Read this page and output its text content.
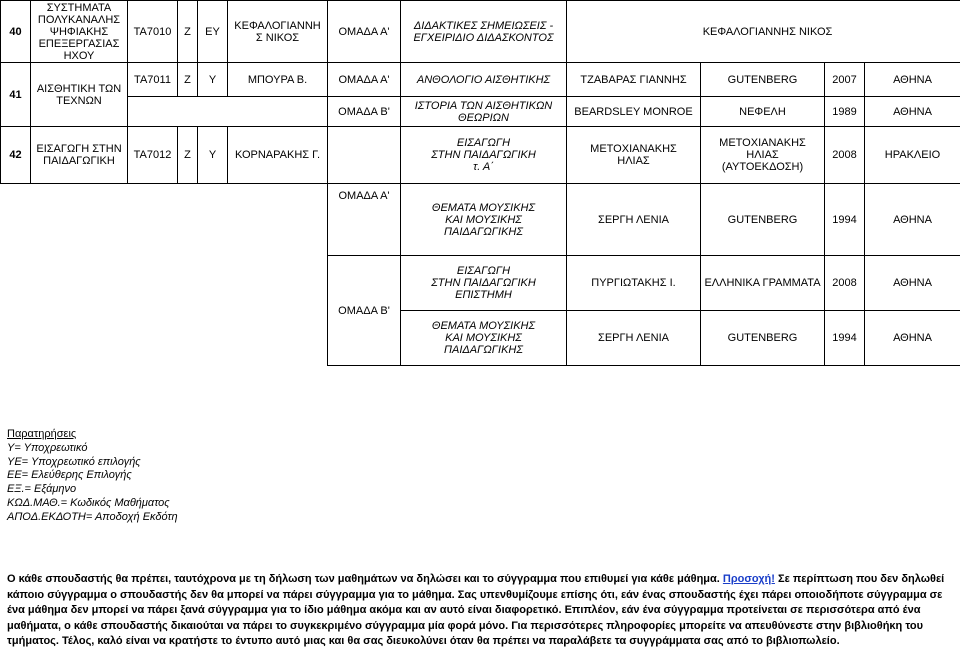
40	ΣΥΣΤΗΜΑΤΑ
ΠΟΛΥΚΑΝΑΛΗΣ
ΨΗΦΙΑΚΗΣ
ΕΠΕΞΕΡΓΑΣΙΑΣ
ΗΧΟΥ	ΤΑ7010	Ζ	ΕΥ	ΚΕΦΑΛΟΓΙΑΝΝΗ
Σ ΝΙΚΟΣ	ΟΜΑΔΑ Α'	ΔΙΔΑΚΤΙΚΕΣ ΣΗΜΕΙΩΣΕΙΣ -
ΕΓΧΕΙΡΙΔΙΟ ΔΙΔΑΣΚΟΝΤΟΣ	ΚΕΦΑΛΟΓΙΑΝΝΗΣ ΝΙΚΟΣ			
41	ΑΙΣΘΗΤΙΚΗ ΤΩΝ
ΤΕΧΝΩΝ	ΤΑ7011	Ζ	Υ	ΜΠΟΥΡΑ Β.	ΟΜΑΔΑ Α'	ΑΝΘΟΛΟΓΙΟ ΑΙΣΘΗΤΙΚΗΣ	ΤΖΑΒΑΡΑΣ ΓΙΑΝΝΗΣ	GUTENBERG	2007	ΑΘΗΝΑ
						ΟΜΑΔΑ Β'	ΙΣΤΟΡΙΑ ΤΩΝ ΑΙΣΘΗΤΙΚΩΝ
ΘΕΩΡΙΩΝ	BEARDSLEY MONROE	ΝΕΦΕΛΗ	1989	ΑΘΗΝΑ
42	ΕΙΣΑΓΩΓΗ ΣΤΗΝ
ΠΑΙΔΑΓΩΓΙΚΗ	ΤΑ7012	Ζ	Υ	ΚΟΡΝΑΡΑΚΗΣ Γ.		ΕΙΣΑΓΩΓΗ
ΣΤΗΝ ΠΑΙΔΑΓΩΓΙΚΗ
τ. Α΄	ΜΕΤΟΧΙΑΝΑΚΗΣ
ΗΛΙΑΣ	ΜΕΤΟΧΙΑΝΑΚΗΣ ΗΛΙΑΣ
(ΑΥΤΟΕΚΔΟΣΗ)	2008	ΗΡΑΚΛΕΙΟ
						ΟΜΑΔΑ Α'	ΘΕΜΑΤΑ ΜΟΥΣΙΚΗΣ
ΚΑΙ ΜΟΥΣΙΚΗΣ
ΠΑΙΔΑΓΩΓΙΚΗΣ	ΣΕΡΓΗ ΛΕΝΙΑ	GUTENBERG	1994	ΑΘΗΝΑ
						ΟΜΑΔΑ Β'	ΕΙΣΑΓΩΓΗ
ΣΤΗΝ ΠΑΙΔΑΓΩΓΙΚΗ
ΕΠΙΣΤΗΜΗ	ΠΥΡΓΙΩΤΑΚΗΣ Ι.	ΕΛΛΗΝΙΚΑ ΓΡΑΜΜΑΤΑ	2008	ΑΘΗΝΑ
							ΘΕΜΑΤΑ ΜΟΥΣΙΚΗΣ
ΚΑΙ ΜΟΥΣΙΚΗΣ
ΠΑΙΔΑΓΩΓΙΚΗΣ	ΣΕΡΓΗ ΛΕΝΙΑ	GUTENBERG	1994	ΑΘΗΝΑ
Παρατηρήσεις
Υ= Υποχρεωτικό
ΥΕ= Υποχρεωτικό επιλογής
ΕΕ= Ελεύθερης Επιλογής
ΕΞ.= Εξάμηνο
ΚΩΔ.ΜΑΘ.= Κωδικός Μαθήματος
ΑΠΟΔ.ΕΚΔΟΤΗ= Αποδοχή Εκδότη
Ο κάθε σπουδαστής θα πρέπει, ταυτόχρονα με τη δήλωση των μαθημάτων να δηλώσει και το σύγγραμμα που επιθυμεί για κάθε μάθημα. Προσοχή! Σε περίπτωση που δεν δηλωθεί κάποιο σύγγραμμα ο σπουδαστής δεν θα μπορεί να πάρει σύγγραμμα για το μάθημα. Σας υπενθυμίζουμε επίσης ότι, εάν ένας σπουδαστής έχει πάρει οποιοδήποτε σύγγραμμα σε ένα μάθημα δεν μπορεί να πάρει ξανά σύγγραμμα για το ίδιο μάθημα ακόμα και αν αυτό είναι διαφορετικό. Επιπλέον, εάν ένα σύγγραμμα προτείνεται σε περισσότερα από ένα μαθήματα, ο κάθε σπουδαστής δικαιούται να πάρει το συγκεκριμένο σύγγραμμα μία φορά μόνο. Για περισσότερες πληροφορίες μπορείτε να απευθύνεστε στην βιβλιοθήκη του τμήματος. Τέλος, καλό είναι να κρατήστε το έντυπο αυτό μιας και θα σας διευκολύνει όταν θα πρέπει να παραλάβετε τα συγγράμματα σας από το βιβλιοπωλείο.
